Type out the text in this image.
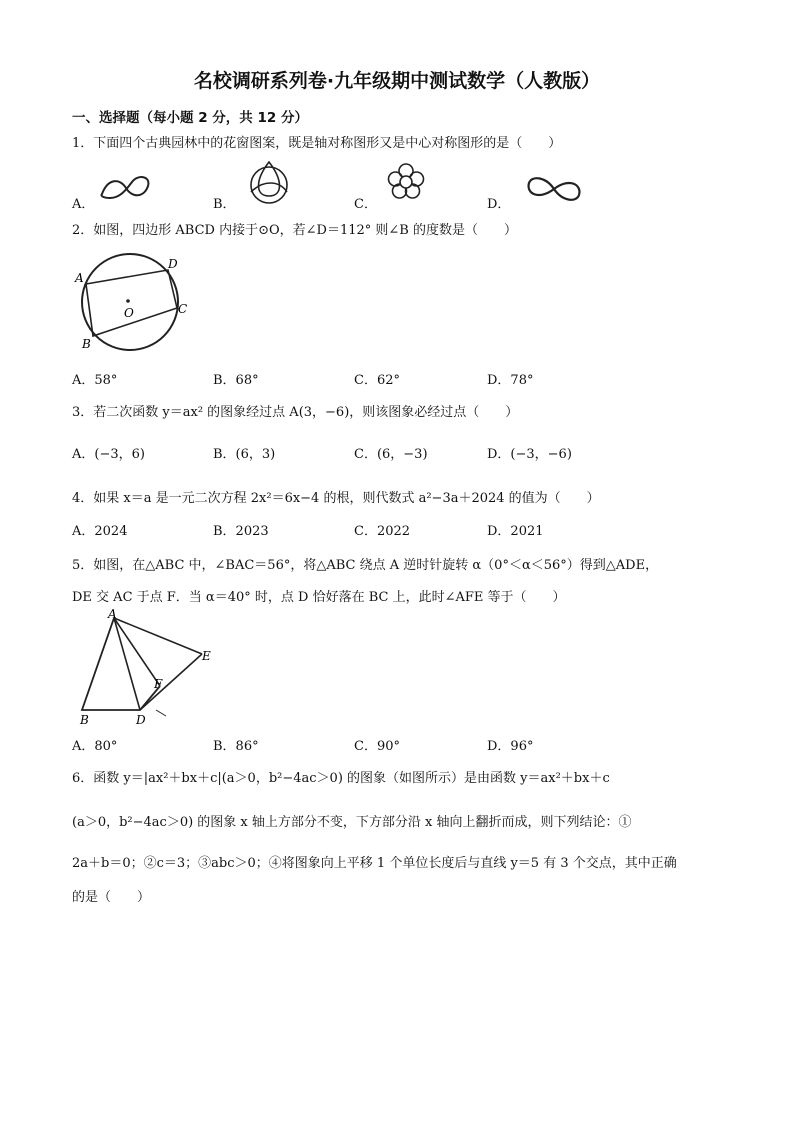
名校调研系列卷·九年级期中测试数学（人教版）
一、选择题（每小题 2 分，共 12 分）
1．下面四个古典园林中的花窗图案，既是轴对称图形又是中心对称图形的是（　　）
A．	B．	C．	D．
2．如图，四边形 ABCD 内接于⊙O，若∠D＝112° 则∠B 的度数是（　　）
A
D
O	C
B
A．58°	B．68°	C．62°	D．78°
3．若二次函数 y＝ax² 的图象经过点 A(3，−6)，则该图象必经过点（　　）
A．(−3，6)	B．(6，3)	C．(6，−3)	D．(−3，−6)
4．如果 x＝a 是一元二次方程 2x²＝6x−4 的根，则代数式 a²−3a＋2024 的值为（　　）
A．2024	B．2023	C．2022	D．2021
5．如图，在△ABC 中，∠BAC＝56°，将△ABC 绕点 A 逆时针旋转 α（0°＜α＜56°）得到△ADE，
DE 交 AC 于点 F．当 α＝40° 时，点 D 恰好落在 BC 上，此时∠AFE 等于（　　）
A
E
F
B	D
A．80°	B．86°	C．90°	D．96°
6．函数 y＝|ax²＋bx＋c|(a＞0，b²−4ac＞0) 的图象（如图所示）是由函数 y＝ax²＋bx＋c
(a＞0，b²−4ac＞0) 的图象 x 轴上方部分不变，下方部分沿 x 轴向上翻折而成，则下列结论：①
2a＋b＝0；②c＝3；③abc＞0；④将图象向上平移 1 个单位长度后与直线 y＝5 有 3 个交点，其中正确
的是（　　）
